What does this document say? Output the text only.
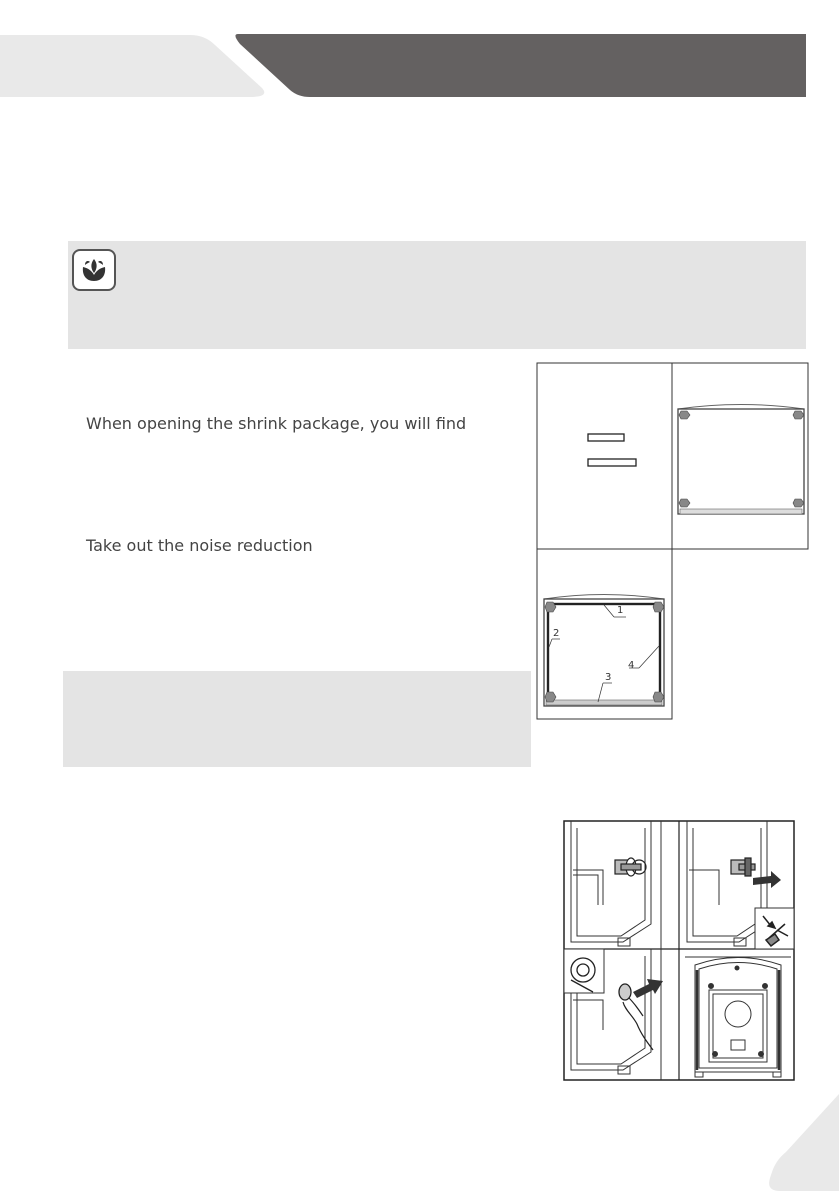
When opening the shrink package, you will find
Take out the noise reduction
1
2
3
4
